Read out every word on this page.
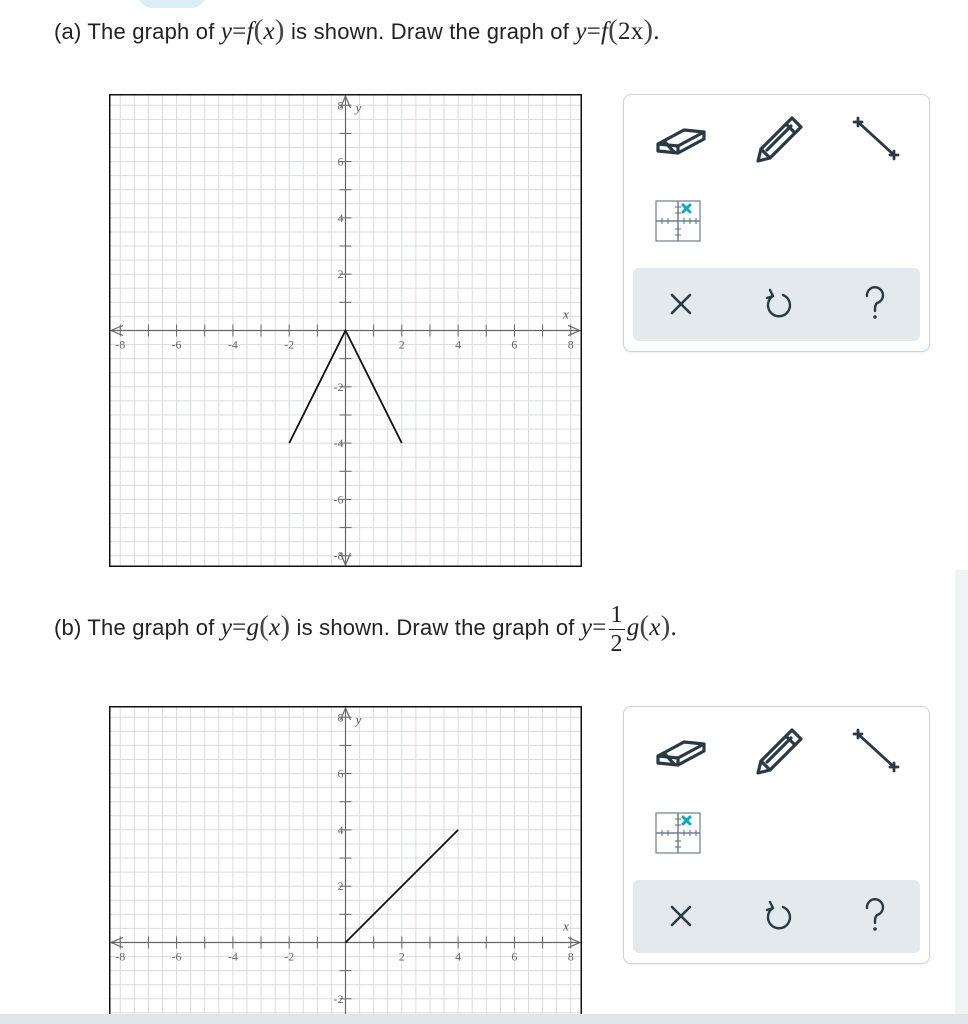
(a) The graph of y=f(x) is shown. Draw the graph of y=f(2x).
-8	-6	-4	-2	2	4	6	8
8
6
4
2
-2
-4
-6
-8
x
y
(b) The graph of y=g(x) is shown. Draw the graph of $y= \frac{1}{2} g(x)$.
-8	-6	-4	-2	2	4	6	8
8
6
4
2
-2
x
y
